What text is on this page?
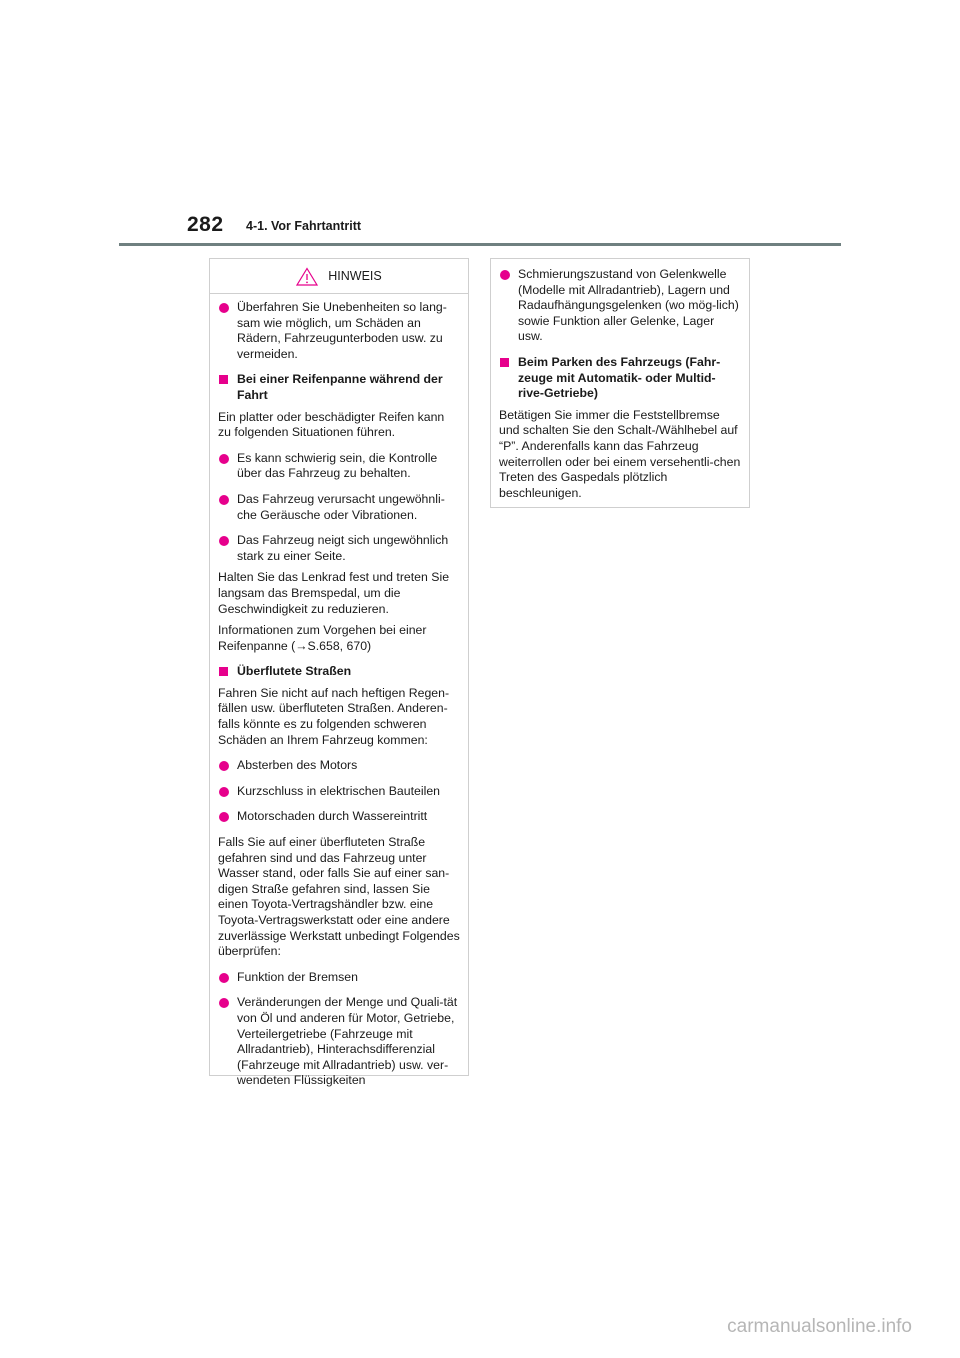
282 4-1. Vor Fahrtantritt
HINWEIS

Überfahren Sie Unebenheiten so lang-sam wie möglich, um Schäden an Rädern, Fahrzeugunterboden usw. zu vermeiden.

Bei einer Reifenpanne während der Fahrt

Ein platter oder beschädigter Reifen kann zu folgenden Situationen führen.

Es kann schwierig sein, die Kontrolle über das Fahrzeug zu behalten.

Das Fahrzeug verursacht ungewöhnli-che Geräusche oder Vibrationen.

Das Fahrzeug neigt sich ungewöhnlich stark zu einer Seite.

Halten Sie das Lenkrad fest und treten Sie langsam das Bremspedal, um die Geschwindigkeit zu reduzieren.

Informationen zum Vorgehen bei einer Reifenpanne (→S.658, 670)

Überflutete Straßen

Fahren Sie nicht auf nach heftigen Regen-fällen usw. überfluteten Straßen. Anderen-falls könnte es zu folgenden schweren Schäden an Ihrem Fahrzeug kommen:

Absterben des Motors

Kurzschluss in elektrischen Bauteilen

Motorschaden durch Wassereintritt

Falls Sie auf einer überfluteten Straße gefahren sind und das Fahrzeug unter Wasser stand, oder falls Sie auf einer san-digen Straße gefahren sind, lassen Sie einen Toyota-Vertragshändler bzw. eine Toyota-Vertragswerkstatt oder eine andere zuverlässige Werkstatt unbedingt Folgendes überprüfen:

Funktion der Bremsen

Veränderungen der Menge und Quali-tät von Öl und anderen für Motor, Getriebe, Verteilergetriebe (Fahrzeuge mit Allradantrieb), Hinterachsdifferenzial (Fahrzeuge mit Allradantrieb) usw. ver-wendeten Flüssigkeiten

Schmierungszustand von Gelenkwelle (Modelle mit Allradantrieb), Lagern und Radaufhängungsgelenken (wo mög-lich) sowie Funktion aller Gelenke, Lager usw.

Beim Parken des Fahrzeugs (Fahr-zeuge mit Automatik- oder Multid-rive-Getriebe)

Betätigen Sie immer die Feststellbremse und schalten Sie den Schalt-/Wählhebel auf “P”. Anderenfalls kann das Fahrzeug weiterrollen oder bei einem versehentli-chen Treten des Gaspedals plötzlich beschleunigen.

carmanualsonline.info
